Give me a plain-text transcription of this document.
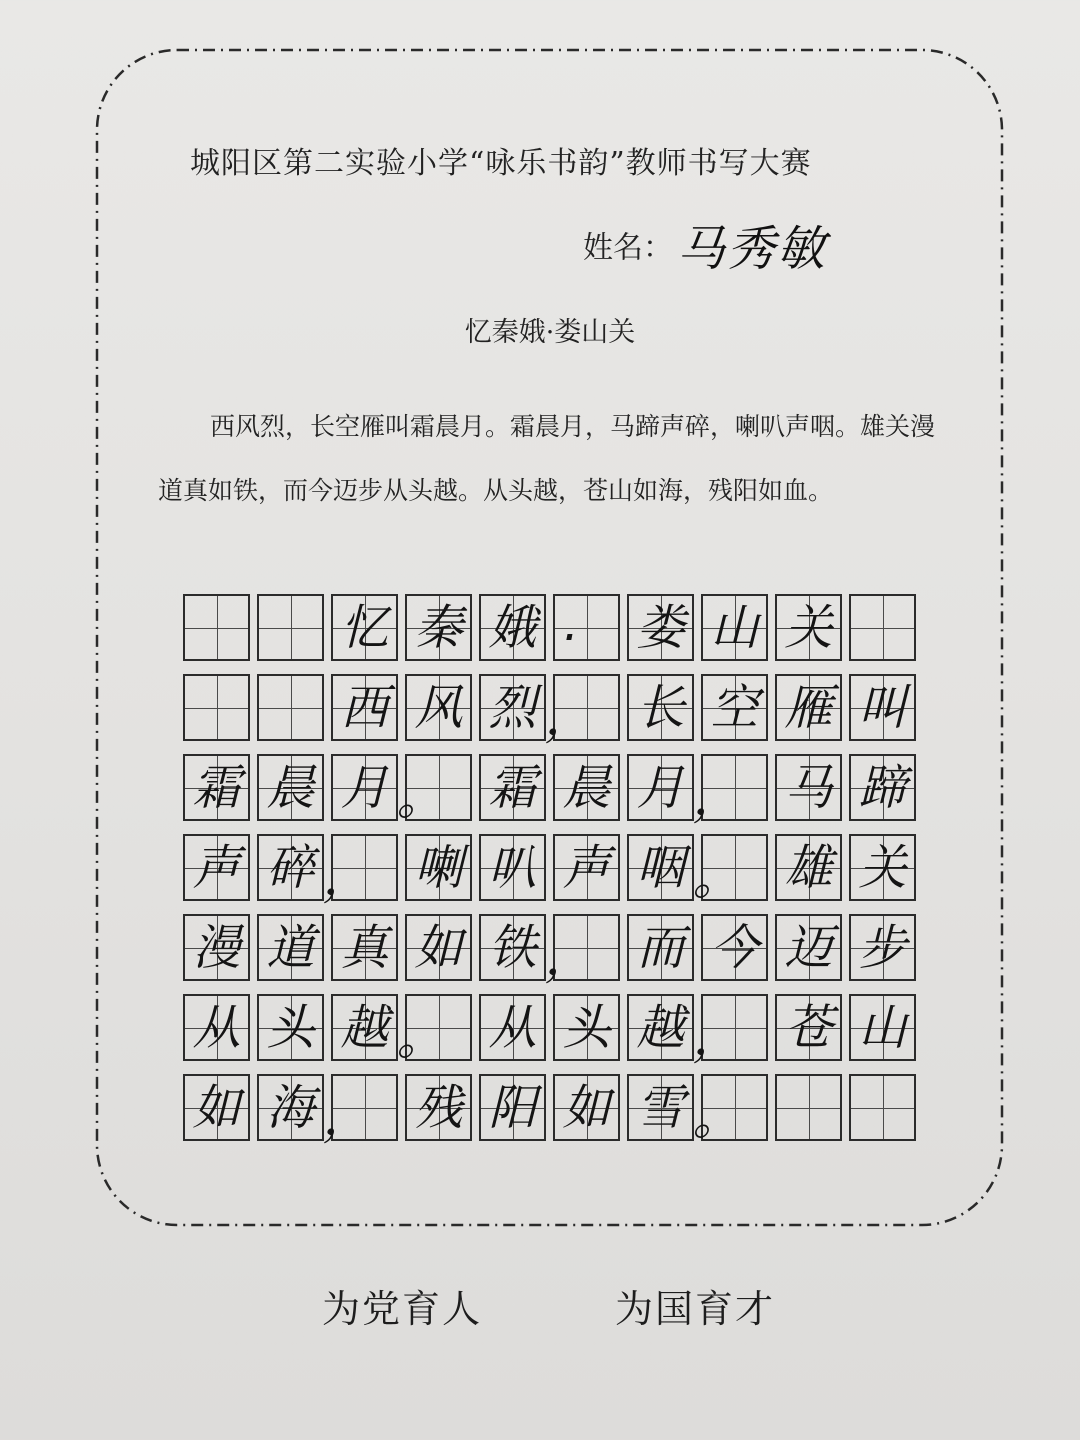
城阳区第二实验小学“咏乐书韵”教师书写大赛
姓名：马秀敏
忆秦娥·娄山关
西风烈，长空雁叫霜晨月。霜晨月，马蹄声碎，喇叭声咽。雄关漫道真如铁，而今迈步从头越。从头越，苍山如海，残阳如血。
忆 秦 娥 · 娄 山 关
西 风 烈 ， 长 空 雁 叫
霜 晨 月 。 霜 晨 月 ， 马 蹄
声 碎 ， 喇 叭 声 咽 。 雄 关
漫 道 真 如 铁 ， 而 今 迈 步
从 头 越 。 从 头 越 ， 苍 山
如 海 ， 残 阳 如 雪 。
为党育人	为国育才
